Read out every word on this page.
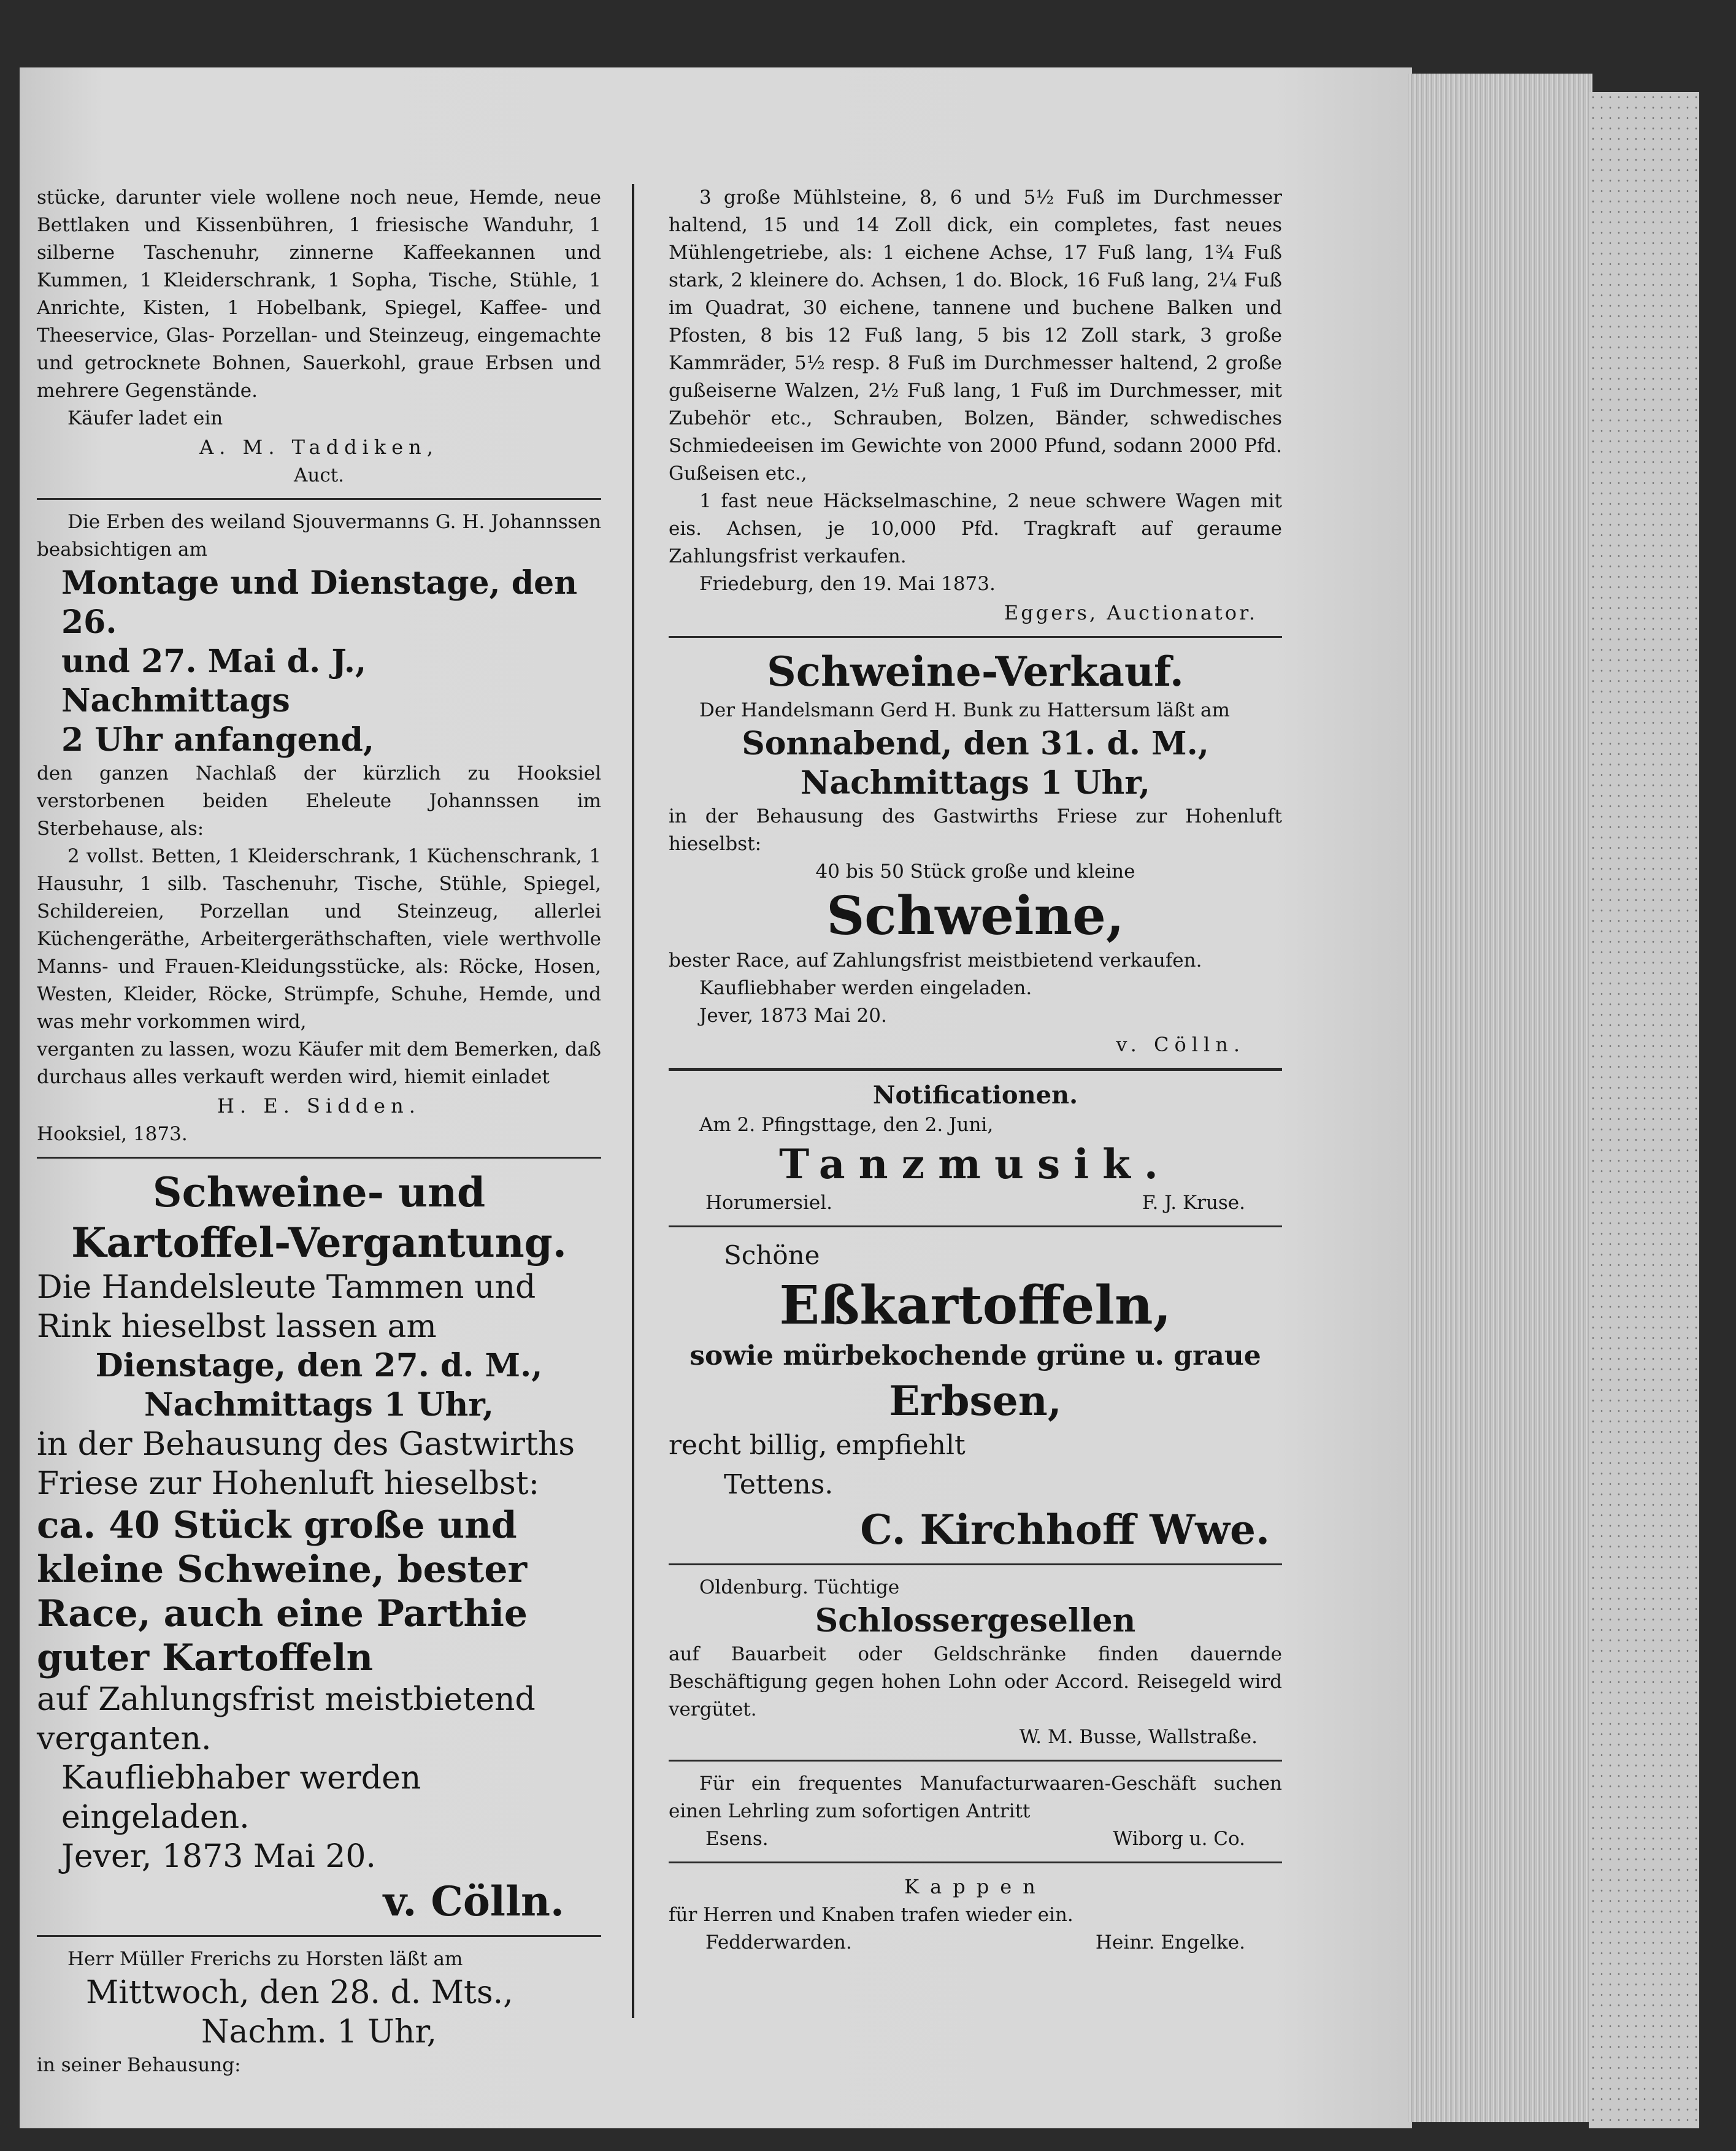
stücke, darunter viele wollene noch neue, Hemde, neue Bettlaken und Kissenbühren, 1 friesische Wanduhr, 1 silberne Taschenuhr, zinnerne Kaffeekannen und Kummen, 1 Kleiderschrank, 1 Sopha, Tische, Stühle, 1 Anrichte, Kisten, 1 Hobelbank, Spiegel, Kaffee- und Theeservice, Glas- Porzellan- und Steinzeug, eingemachte und getrocknete Bohnen, Sauerkohl, graue Erbsen und mehrere Gegenstände.

Käufer ladet ein

A. M. Taddiken,

Auct.

Die Erben des weiland Sjouvermanns G. H. Johannssen beabsichtigen am

Montage und Dienstage, den 26.

und 27. Mai d. J., Nachmittags

2 Uhr anfangend,

den ganzen Nachlaß der kürzlich zu Hooksiel verstorbenen beiden Eheleute Johannssen im Sterbehause, als:

2 vollst. Betten, 1 Kleiderschrank, 1 Küchenschrank, 1 Hausuhr, 1 silb. Taschenuhr, Tische, Stühle, Spiegel, Schildereien, Porzellan und Steinzeug, allerlei Küchengeräthe, Arbeitergeräthschaften, viele werthvolle Manns- und Frauen-Kleidungsstücke, als: Röcke, Hosen, Westen, Kleider, Röcke, Strümpfe, Schuhe, Hemde, und was mehr vorkommen wird,

verganten zu lassen, wozu Käufer mit dem Bemerken, daß durchaus alles verkauft werden wird, hiemit einladet

H. E. Sidden.

Hooksiel, 1873.

Schweine- und

Kartoffel-Vergantung.

Die Handelsleute Tammen und Rink hieselbst lassen am

Dienstage, den 27. d. M.,

Nachmittags 1 Uhr,

in der Behausung des Gastwirths Friese zur Hohenluft hieselbst:

ca. 40 Stück große und kleine Schweine, bester Race, auch eine Parthie guter Kartoffeln

auf Zahlungsfrist meistbietend verganten.

Kaufliebhaber werden eingeladen.

Jever, 1873 Mai 20.

v. Cölln.

Herr Müller Frerichs zu Horsten läßt am

Mittwoch, den 28. d. Mts.,

Nachm. 1 Uhr,

in seiner Behausung:

3 große Mühlsteine, 8, 6 und 5½ Fuß im Durchmesser haltend, 15 und 14 Zoll dick, ein completes, fast neues Mühlengetriebe, als: 1 eichene Achse, 17 Fuß lang, 1¾ Fuß stark, 2 kleinere do. Achsen, 1 do. Block, 16 Fuß lang, 2¼ Fuß im Quadrat, 30 eichene, tannene und buchene Balken und Pfosten, 8 bis 12 Fuß lang, 5 bis 12 Zoll stark, 3 große Kammräder, 5½ resp. 8 Fuß im Durchmesser haltend, 2 große gußeiserne Walzen, 2½ Fuß lang, 1 Fuß im Durchmesser, mit Zubehör etc., Schrauben, Bolzen, Bänder, schwedisches Schmiedeeisen im Gewichte von 2000 Pfund, sodann 2000 Pfd. Gußeisen etc.,

1 fast neue Häckselmaschine, 2 neue schwere Wagen mit eis. Achsen, je 10,000 Pfd. Tragkraft auf geraume Zahlungsfrist verkaufen.

Friedeburg, den 19. Mai 1873.

Eggers, Auctionator.

Schweine-Verkauf.

Der Handelsmann Gerd H. Bunk zu Hattersum läßt am

Sonnabend, den 31. d. M.,

Nachmittags 1 Uhr,

in der Behausung des Gastwirths Friese zur Hohenluft hieselbst:

40 bis 50 Stück große und kleine

Schweine,

bester Race, auf Zahlungsfrist meistbietend verkaufen.

Kaufliebhaber werden eingeladen.

Jever, 1873 Mai 20.

v. Cölln.

Notificationen.

Am 2. Pfingsttage, den 2. Juni,

Tanzmusik.

Horumersiel.	F. J. Kruse.

Schöne

Eßkartoffeln,

sowie mürbekochende grüne u. graue

Erbsen,

recht billig, empfiehlt

Tettens.

C. Kirchhoff Wwe.

Oldenburg. Tüchtige

Schlossergesellen

auf Bauarbeit oder Geldschränke finden dauernde Beschäftigung gegen hohen Lohn oder Accord. Reisegeld wird vergütet.

W. M. Busse, Wallstraße.

Für ein frequentes Manufacturwaaren-Geschäft suchen einen Lehrling zum sofortigen Antritt

Esens.	Wiborg u. Co.

Kappen

für Herren und Knaben trafen wieder ein.

Fedderwarden.	Heinr. Engelke.
